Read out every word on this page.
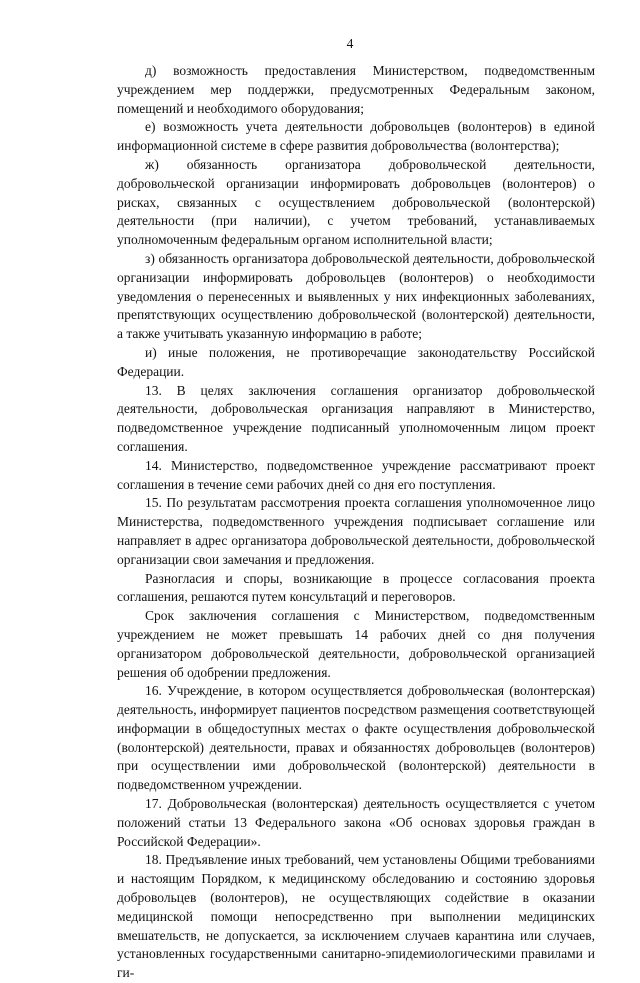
4

д) возможность предоставления Министерством, подведомственным учреждением мер поддержки, предусмотренных Федеральным законом, помещений и необходимого оборудования;

е) возможность учета деятельности добровольцев (волонтеров) в единой информационной системе в сфере развития добровольчества (волонтерства);

ж) обязанность организатора добровольческой деятельности, добровольческой организации информировать добровольцев (волонтеров) о рисках, связанных с осуществлением добровольческой (волонтерской) деятельности (при наличии), с учетом требований, устанавливаемых уполномоченным федеральным органом исполнительной власти;

з) обязанность организатора добровольческой деятельности, добровольческой организации информировать добровольцев (волонтеров) о необходимости уведомления о перенесенных и выявленных у них инфекционных заболеваниях, препятствующих осуществлению добровольческой (волонтерской) деятельности, а также учитывать указанную информацию в работе;

и) иные положения, не противоречащие законодательству Российской Федерации.

13. В целях заключения соглашения организатор добровольческой деятельности, добровольческая организация направляют в Министерство, подведомственное учреждение подписанный уполномоченным лицом проект соглашения.

14. Министерство, подведомственное учреждение рассматривают проект соглашения в течение семи рабочих дней со дня его поступления.

15. По результатам рассмотрения проекта соглашения уполномоченное лицо Министерства, подведомственного учреждения подписывает соглашение или направляет в адрес организатора добровольческой деятельности, добровольческой организации свои замечания и предложения.

Разногласия и споры, возникающие в процессе согласования проекта соглашения, решаются путем консультаций и переговоров.

Срок заключения соглашения с Министерством, подведомственным учреждением не может превышать 14 рабочих дней со дня получения организатором добровольческой деятельности, добровольческой организацией решения об одобрении предложения.

16. Учреждение, в котором осуществляется добровольческая (волонтерская) деятельность, информирует пациентов посредством размещения соответствующей информации в общедоступных местах о факте осуществления добровольческой (волонтерской) деятельности, правах и обязанностях добровольцев (волонтеров) при осуществлении ими добровольческой (волонтерской) деятельности в подведомственном учреждении.

17. Добровольческая (волонтерская) деятельность осуществляется с учетом положений статьи 13 Федерального закона «Об основах здоровья граждан в Российской Федерации».

18. Предъявление иных требований, чем установлены Общими требованиями и настоящим Порядком, к медицинскому обследованию и состоянию здоровья добровольцев (волонтеров), не осуществляющих содействие в оказании медицинской помощи непосредственно при выполнении медицинских вмешательств, не допускается, за исключением случаев карантина или случаев, установленных государственными санитарно-эпидемиологическими правилами и ги-
